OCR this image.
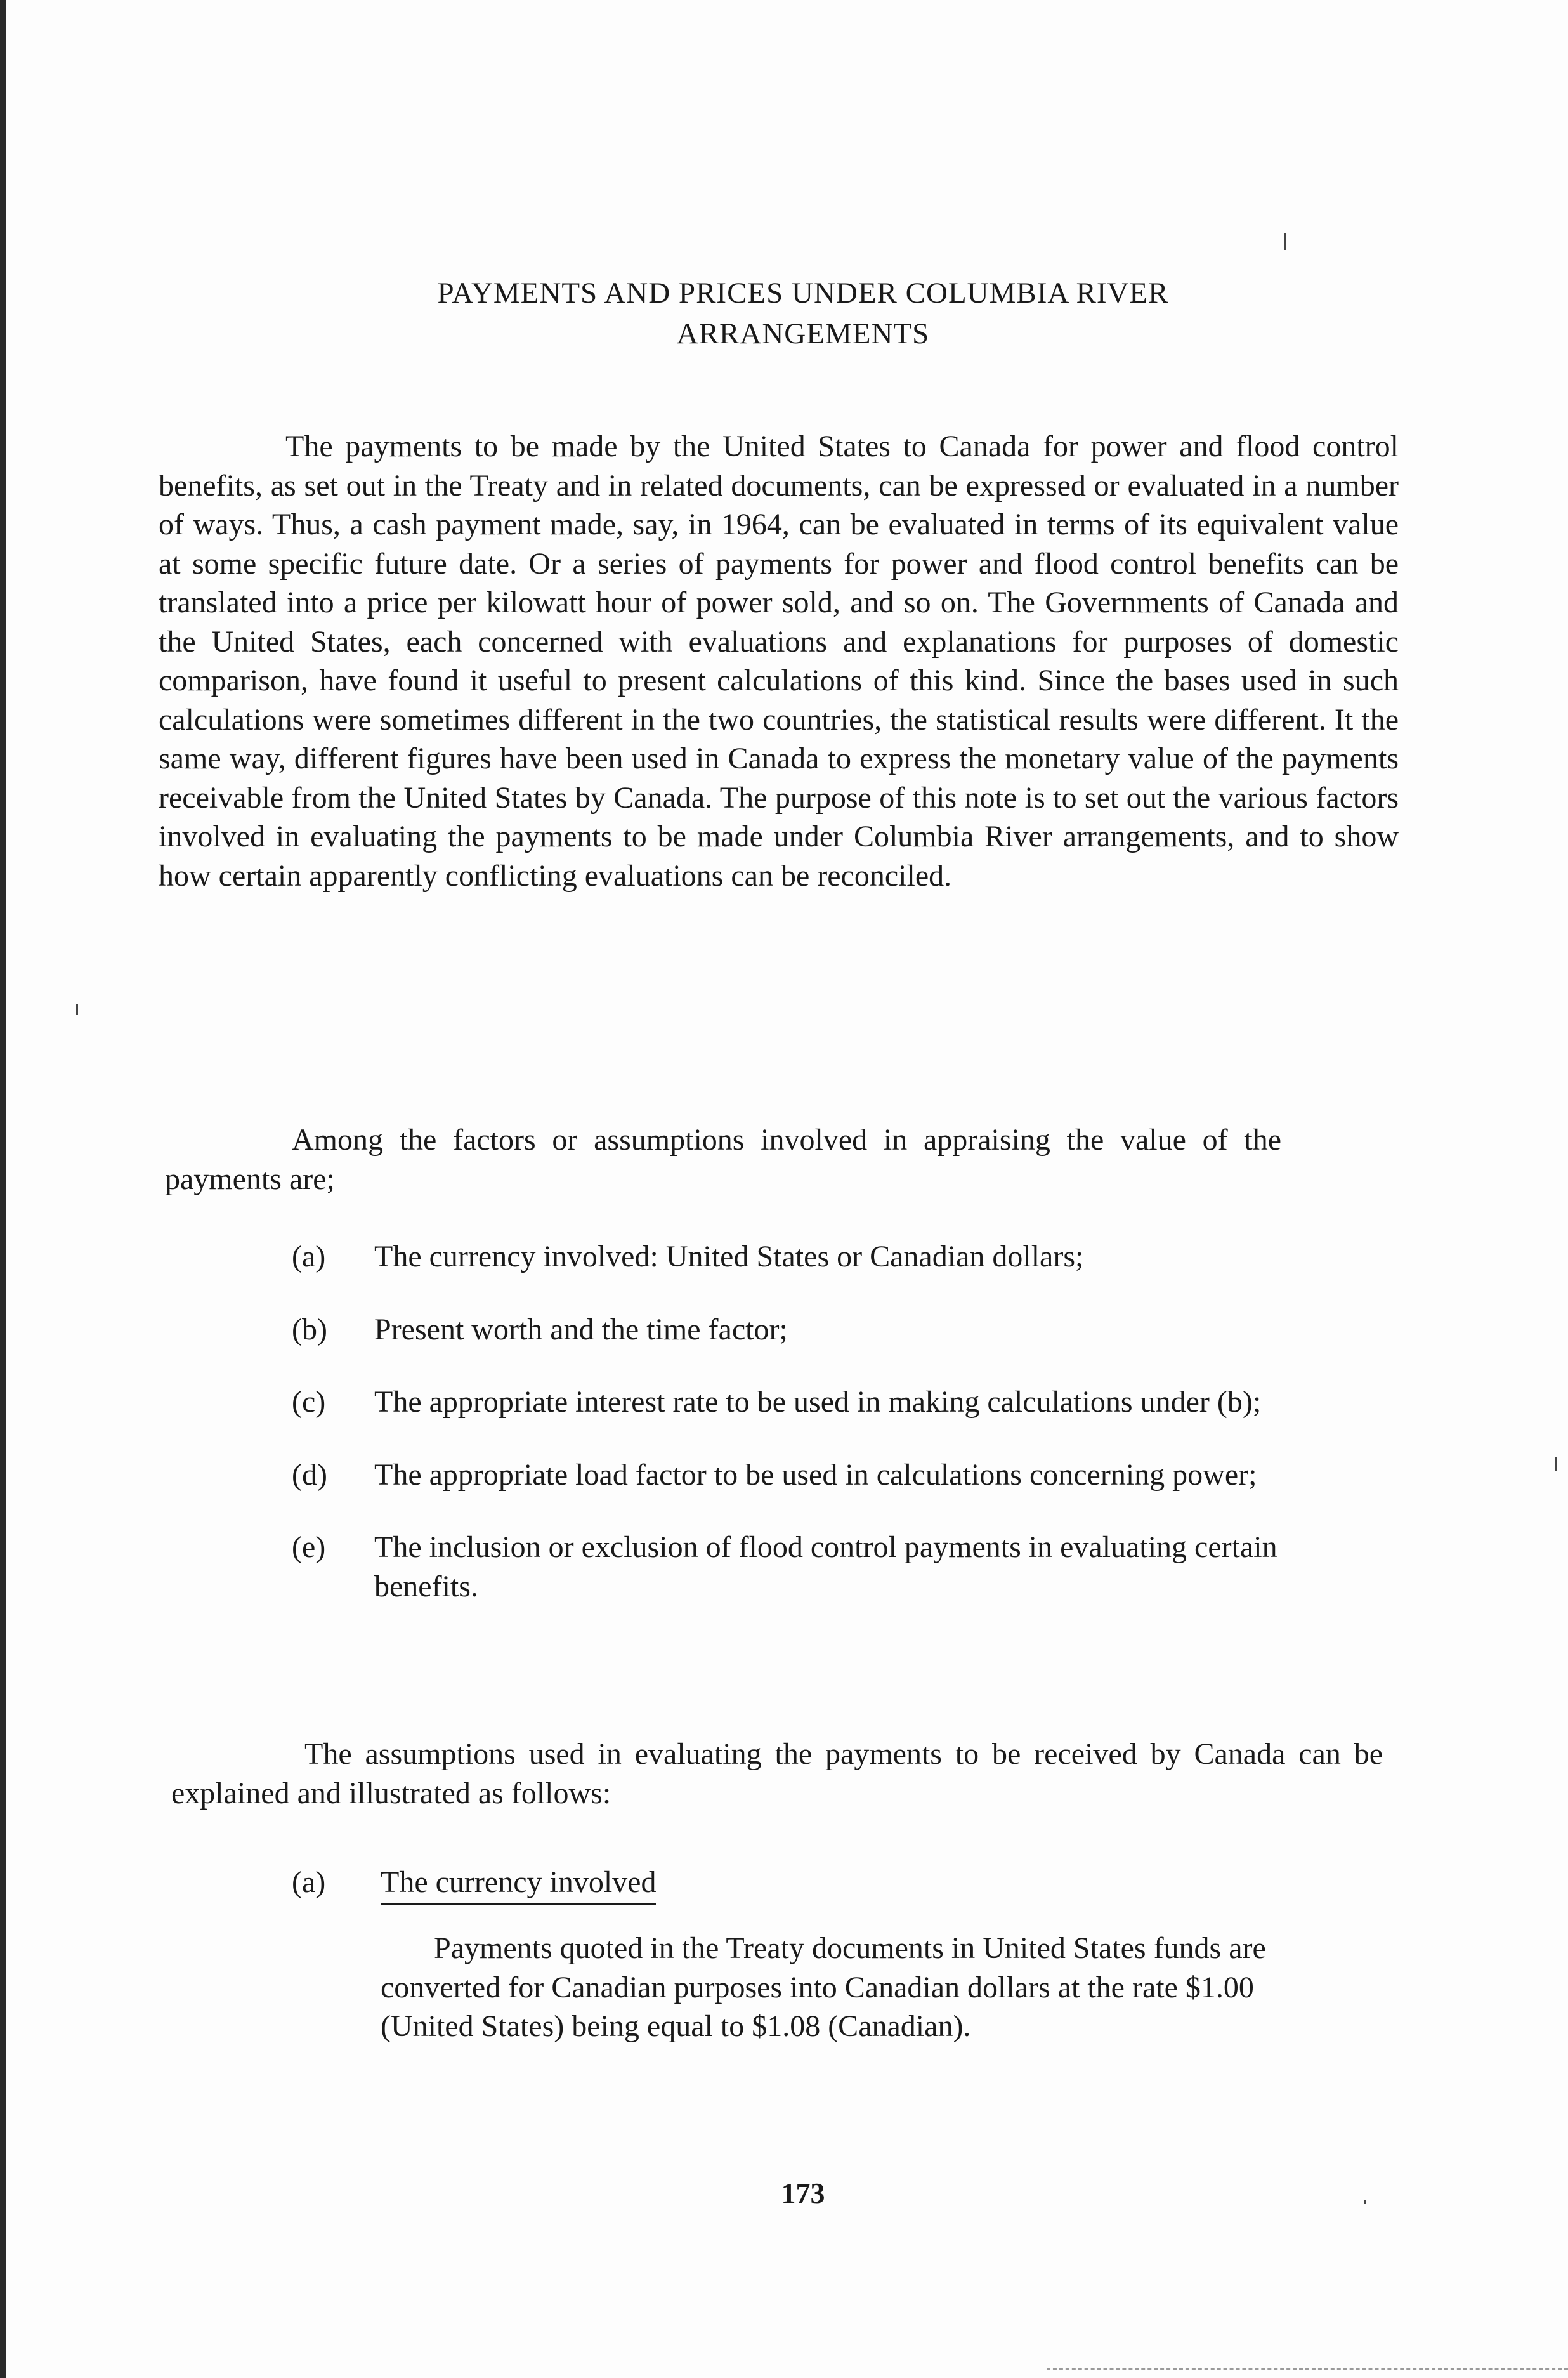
PAYMENTS AND PRICES UNDER COLUMBIA RIVER
ARRANGEMENTS

The payments to be made by the United States to Canada for power and flood control benefits, as set out in the Treaty and in related documents, can be expressed or evaluated in a number of ways. Thus, a cash payment made, say, in 1964, can be evaluated in terms of its equivalent value at some specific future date. Or a series of payments for power and flood control benefits can be translated into a price per kilowatt hour of power sold, and so on. The Governments of Canada and the United States, each concerned with evaluations and explanations for purposes of domestic comparison, have found it useful to present calculations of this kind. Since the bases used in such calculations were sometimes different in the two countries, the statistical results were different. It the same way, different figures have been used in Canada to express the monetary value of the payments receivable from the United States by Canada. The purpose of this note is to set out the various factors involved in evaluating the payments to be made under Columbia River arrangements, and to show how certain apparently conflicting evaluations can be reconciled.

Among the factors or assumptions involved in appraising the value of the payments are;

(a)	The currency involved: United States or Canadian dollars;
(b)	Present worth and the time factor;
(c)	The appropriate interest rate to be used in making calculations under (b);
(d)	The appropriate load factor to be used in calculations concerning power;
(e)	The inclusion or exclusion of flood control payments in evaluating certain benefits.

The assumptions used in evaluating the payments to be received by Canada can be explained and illustrated as follows:

(a)	The currency involved

Payments quoted in the Treaty documents in United States funds are converted for Canadian purposes into Canadian dollars at the rate $1.00 (United States) being equal to $1.08 (Canadian).

173
